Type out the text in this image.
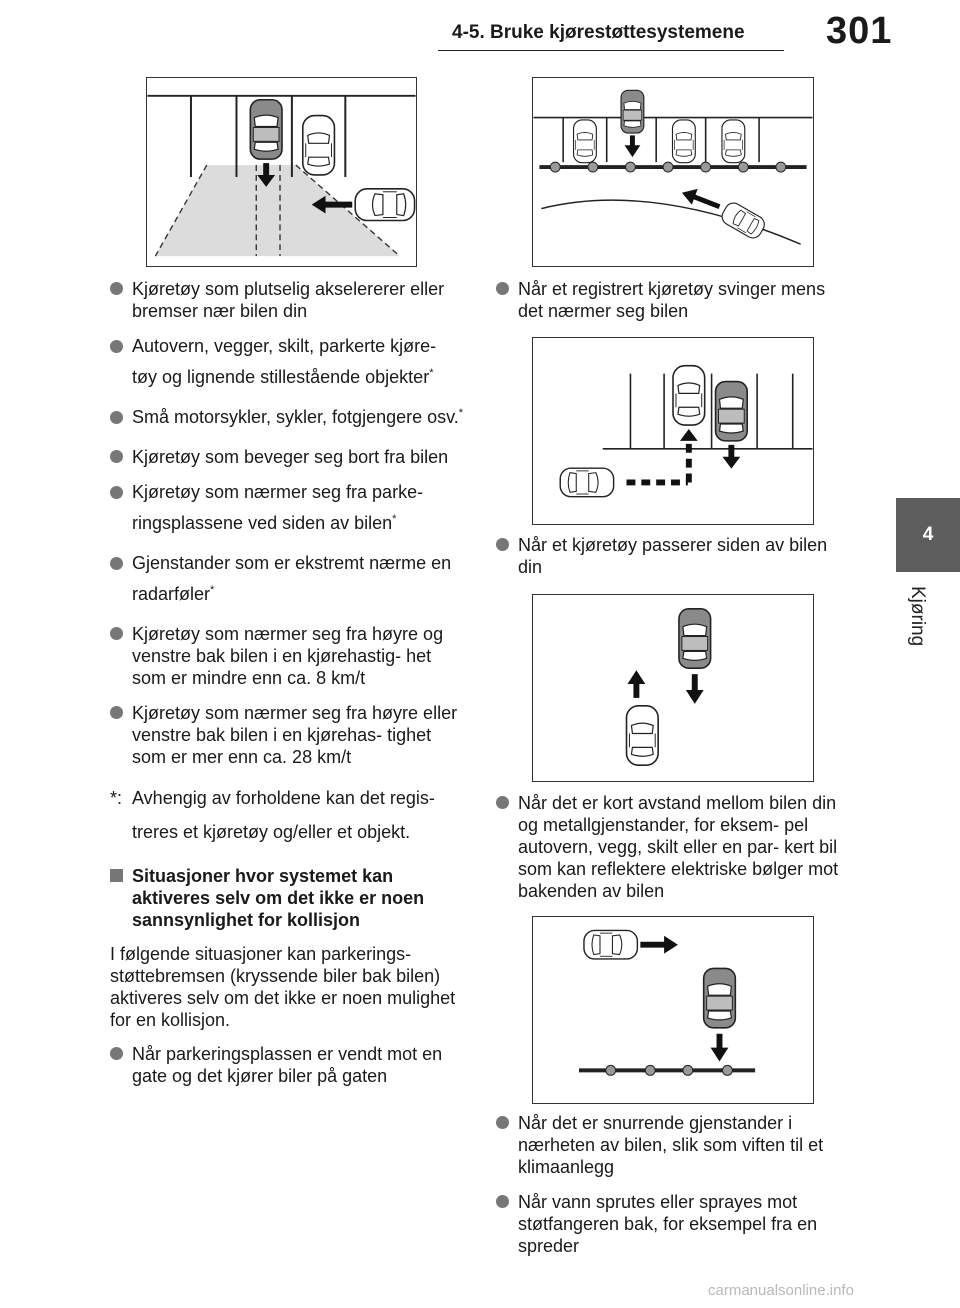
4-5. Bruke kjørestøttesystemene 301
4
Kjøring
Kjøretøy som plutselig akselererer eller bremser nær bilen din
Autovern, vegger, skilt, parkerte kjøre- tøy og lignende stillestående objekter*
Små motorsykler, sykler, fotgjengere osv.*
Kjøretøy som beveger seg bort fra bilen
Kjøretøy som nærmer seg fra parke- ringsplassene ved siden av bilen*
Gjenstander som er ekstremt nærme en radarføler*
Kjøretøy som nærmer seg fra høyre og venstre bak bilen i en kjørehastig- het som er mindre enn ca. 8 km/t
Kjøretøy som nærmer seg fra høyre eller venstre bak bilen i en kjørehas- tighet som er mer enn ca. 28 km/t
*: Avhengig av forholdene kan det regis- treres et kjøretøy og/eller et objekt.
Situasjoner hvor systemet kan aktiveres selv om det ikke er noen sannsynlighet for kollisjon
I følgende situasjoner kan parkerings- støttebremsen (kryssende biler bak bilen) aktiveres selv om det ikke er noen mulighet for en kollisjon.
Når parkeringsplassen er vendt mot en gate og det kjører biler på gaten
Når et registrert kjøretøy svinger mens det nærmer seg bilen
Når et kjøretøy passerer siden av bilen din
Når det er kort avstand mellom bilen din og metallgjenstander, for eksem- pel autovern, vegg, skilt eller en par- kert bil som kan reflektere elektriske bølger mot bakenden av bilen
Når det er snurrende gjenstander i nærheten av bilen, slik som viften til et klimaanlegg
Når vann sprutes eller sprayes mot støtfangeren bak, for eksempel fra en spreder
carmanualsonline.info
